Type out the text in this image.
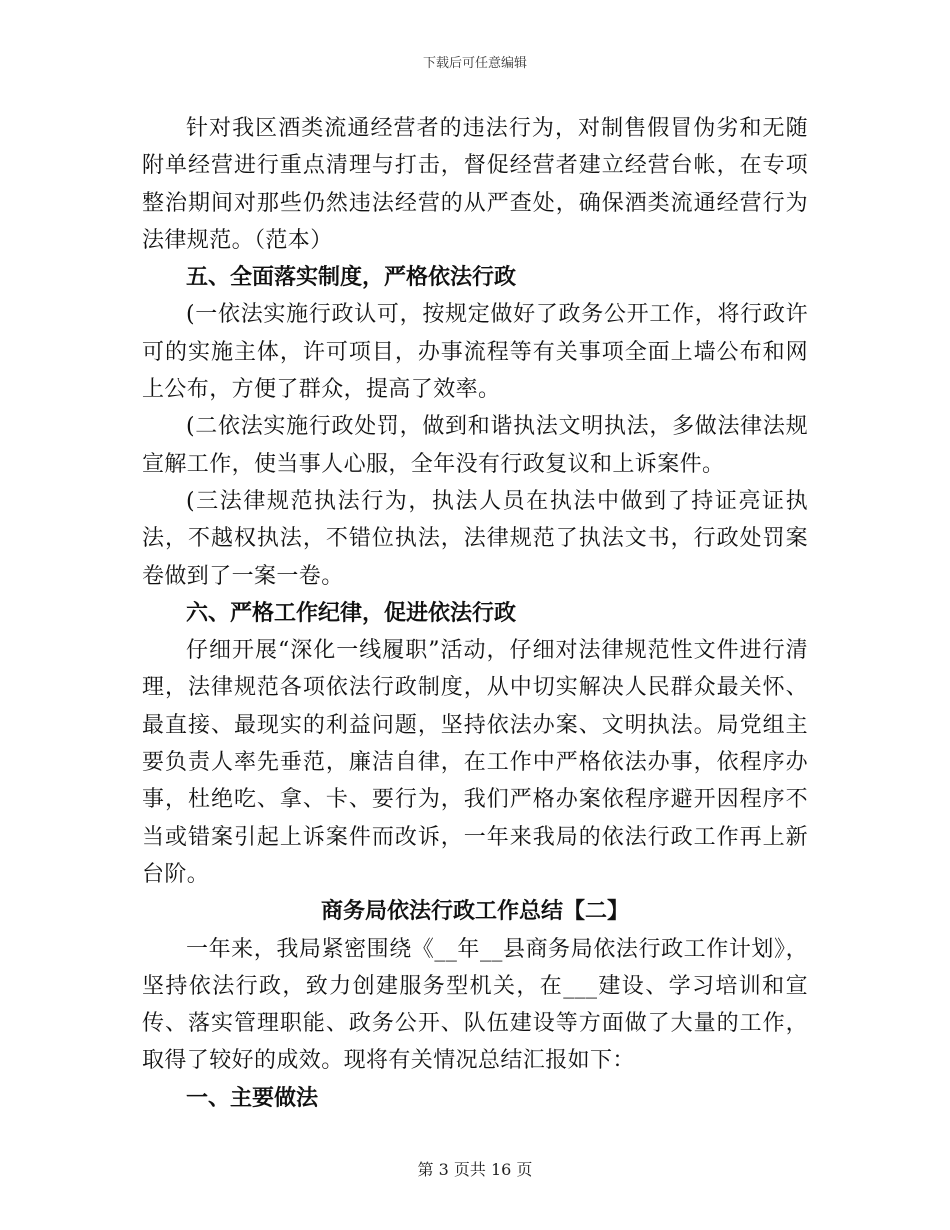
下载后可任意编辑

针对我区酒类流通经营者的违法行为，对制售假冒伪劣和无随附单经营进行重点清理与打击，督促经营者建立经营台帐，在专项整治期间对那些仍然违法经营的从严查处，确保酒类流通经营行为法律规范。（范本）

五、全面落实制度，严格依法行政

(一依法实施行政认可，按规定做好了政务公开工作，将行政许可的实施主体，许可项目，办事流程等有关事项全面上墙公布和网上公布，方便了群众，提高了效率。

(二依法实施行政处罚，做到和谐执法文明执法，多做法律法规宣解工作，使当事人心服，全年没有行政复议和上诉案件。

(三法律规范执法行为，执法人员在执法中做到了持证亮证执法，不越权执法，不错位执法，法律规范了执法文书，行政处罚案卷做到了一案一卷。

六、严格工作纪律，促进依法行政

仔细开展“深化一线履职”活动，仔细对法律规范性文件进行清理，法律规范各项依法行政制度，从中切实解决人民群众最关怀、最直接、最现实的利益问题，坚持依法办案、文明执法。局党组主要负责人率先垂范，廉洁自律，在工作中严格依法办事，依程序办事，杜绝吃、拿、卡、要行为，我们严格办案依程序避开因程序不当或错案引起上诉案件而改诉，一年来我局的依法行政工作再上新台阶。

商务局依法行政工作总结【二】

一年来，我局紧密围绕《__年__县商务局依法行政工作计划》，坚持依法行政，致力创建服务型机关，在___建设、学习培训和宣传、落实管理职能、政务公开、队伍建设等方面做了大量的工作，取得了较好的成效。现将有关情况总结汇报如下：

一、主要做法

第 3 页共 16 页
